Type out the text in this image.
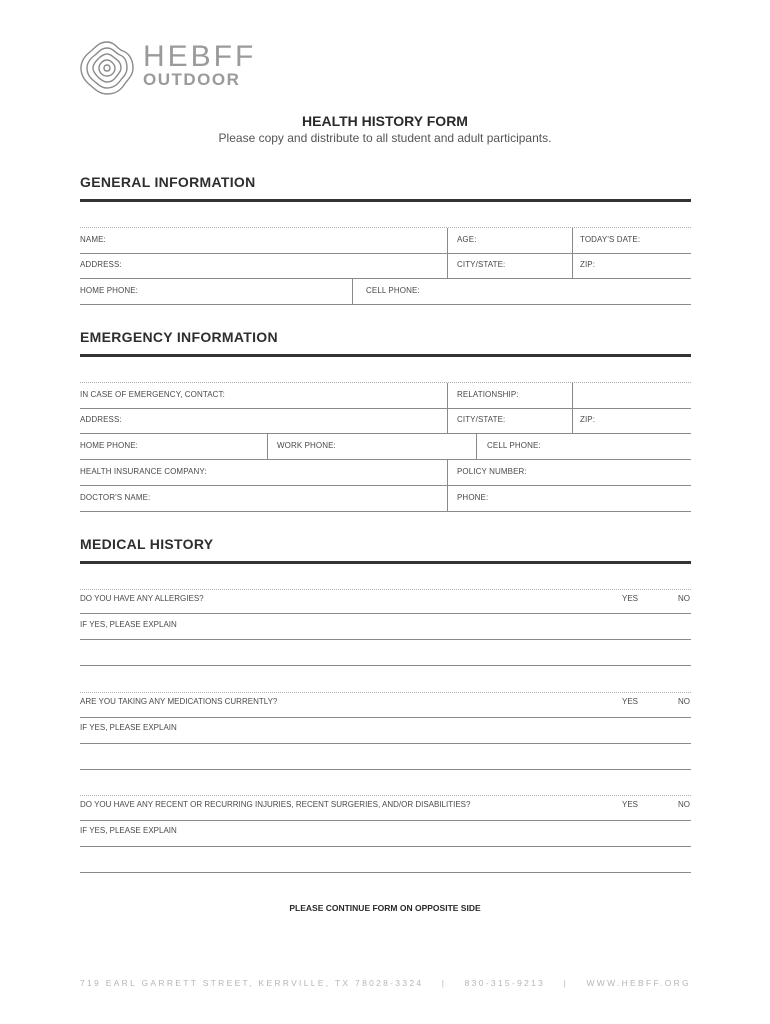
HEBFF
OUTDOOR
HEALTH HISTORY FORM
Please copy and distribute to all student and adult participants.
GENERAL INFORMATION
NAME:	AGE:	TODAY'S DATE:
ADDRESS:	CITY/STATE:	ZIP:
HOME PHONE:	CELL PHONE:
EMERGENCY INFORMATION
IN CASE OF EMERGENCY, CONTACT:	RELATIONSHIP:
ADDRESS:	CITY/STATE:	ZIP:
HOME PHONE:	WORK PHONE:	CELL PHONE:
HEALTH INSURANCE COMPANY:	POLICY NUMBER:
DOCTOR'S NAME:	PHONE:
MEDICAL HISTORY
DO YOU HAVE ANY ALLERGIES?	YES	NO
IF YES, PLEASE EXPLAIN
ARE YOU TAKING ANY MEDICATIONS CURRENTLY?	YES	NO
IF YES, PLEASE EXPLAIN
DO YOU HAVE ANY RECENT OR RECURRING INJURIES, RECENT SURGERIES, AND/OR DISABILITIES?	YES	NO
IF YES, PLEASE EXPLAIN
PLEASE CONTINUE FORM ON OPPOSITE SIDE
719 EARL GARRETT STREET, KERRVILLE, TX 78028-3324 | 830-315-9213 | WWW.HEBFF.ORG
